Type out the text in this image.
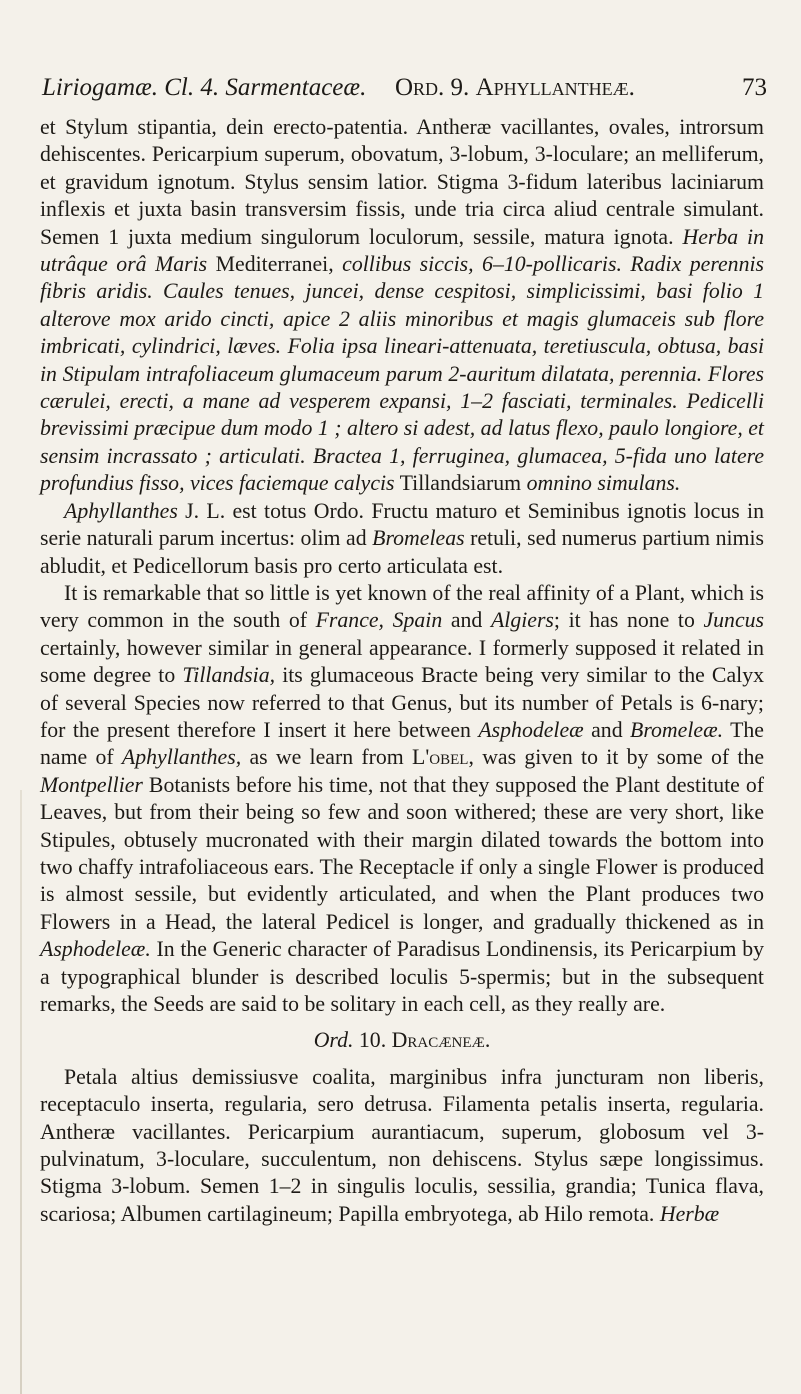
Liriogamæ. Cl. 4. Sarmentaceæ. Ord. 9. Aphyllantheæ.	73

et Stylum stipantia, dein erecto-patentia. Antheræ vacillantes, ovales, introrsum dehiscentes. Pericarpium superum, obovatum, 3-lobum, 3-loculare; an melliferum, et gravidum ignotum. Stylus sensim latior. Stigma 3-fidum lateribus laciniarum inflexis et juxta basin transversim fissis, unde tria circa aliud centrale simulant. Semen 1 juxta medium singulorum loculorum, sessile, matura ignota. Herba in utrâque orâ Maris Mediterranei, collibus siccis, 6–10-pollicaris. Radix perennis fibris aridis. Caules tenues, juncei, dense cespitosi, simplicissimi, basi folio 1 alterove mox arido cincti, apice 2 aliis minoribus et magis glumaceis sub flore imbricati, cylindrici, læves. Folia ipsa lineari-attenuata, teretiuscula, obtusa, basi in Stipulam intrafoliaceum glumaceum parum 2-auritum dilatata, perennia. Flores cærulei, erecti, a mane ad vesperem expansi, 1–2 fasciati, terminales. Pedicelli brevissimi præcipue dum modo 1 ; altero si adest, ad latus flexo, paulo longiore, et sensim incrassato ; articulati. Bractea 1, ferruginea, glumacea, 5-fida uno latere profundius fisso, vices faciemque calycis Tillandsiarum omnino simulans.

Aphyllanthes J. L. est totus Ordo. Fructu maturo et Seminibus ignotis locus in serie naturali parum incertus: olim ad Bromeleas retuli, sed numerus partium nimis abludit, et Pedicellorum basis pro certo articulata est.

It is remarkable that so little is yet known of the real affinity of a Plant, which is very common in the south of France, Spain and Algiers; it has none to Juncus certainly, however similar in general appearance. I formerly supposed it related in some degree to Tillandsia, its glumaceous Bracte being very similar to the Calyx of several Species now referred to that Genus, but its number of Petals is 6-nary; for the present therefore I insert it here between Asphodeleæ and Bromeleæ. The name of Aphyllanthes, as we learn from L'obel, was given to it by some of the Montpellier Botanists before his time, not that they supposed the Plant destitute of Leaves, but from their being so few and soon withered; these are very short, like Stipules, obtusely mucronated with their margin dilated towards the bottom into two chaffy intrafoliaceous ears. The Receptacle if only a single Flower is produced is almost sessile, but evidently articulated, and when the Plant produces two Flowers in a Head, the lateral Pedicel is longer, and gradually thickened as in Asphodeleæ. In the Generic character of Paradisus Londinensis, its Pericarpium by a typographical blunder is described loculis 5-spermis; but in the subsequent remarks, the Seeds are said to be solitary in each cell, as they really are.

Ord. 10. Dracæneæ.

Petala altius demissiusve coalita, marginibus infra juncturam non liberis, receptaculo inserta, regularia, sero detrusa. Filamenta petalis inserta, regularia. Antheræ vacillantes. Pericarpium aurantiacum, superum, globosum vel 3-pulvinatum, 3-loculare, succulentum, non dehiscens. Stylus sæpe longissimus. Stigma 3-lobum. Semen 1–2 in singulis loculis, sessilia, grandia; Tunica flava, scariosa; Albumen cartilagineum; Papilla embryotega, ab Hilo remota. Herbæ
